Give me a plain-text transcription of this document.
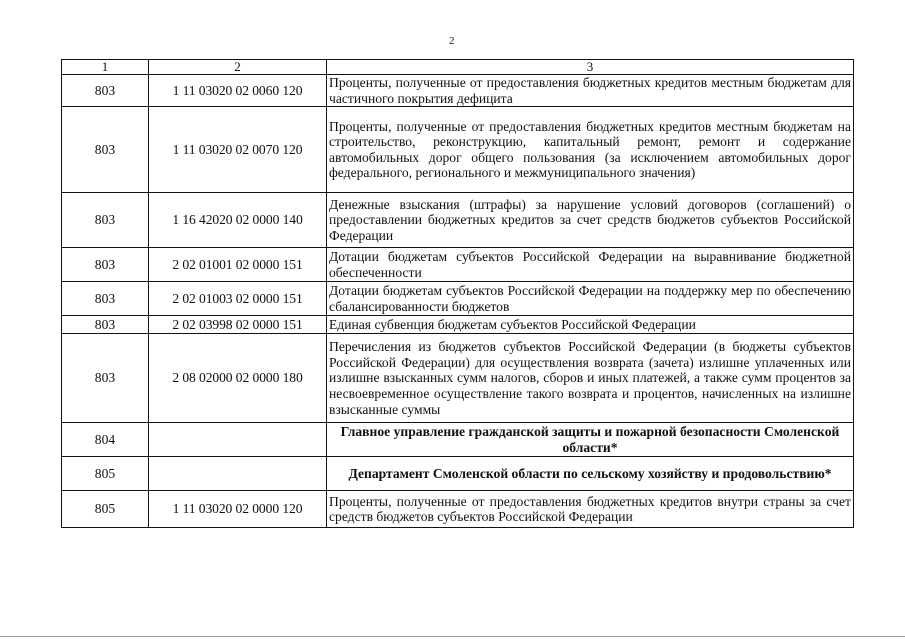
2
1	2	3
803	1 11 03020 02 0060 120	Проценты, полученные от предоставления бюджетных кредитов местным бюджетам для частичного покрытия дефицита
803	1 11 03020 02 0070 120	Проценты, полученные от предоставления бюджетных кредитов местным бюджетам на строительство, реконструкцию, капитальный ремонт, ремонт и содержание автомобильных дорог общего пользования (за исключением автомобильных дорог федерального, регионального и межмуниципального значения)
803	1 16 42020 02 0000 140	Денежные взыскания (штрафы) за нарушение условий договоров (соглашений) о предоставлении бюджетных кредитов за счет средств бюджетов субъектов Российской Федерации
803	2 02 01001 02 0000 151	Дотации бюджетам субъектов Российской Федерации на выравнивание бюджетной обеспеченности
803	2 02 01003 02 0000 151	Дотации бюджетам субъектов Российской Федерации на поддержку мер по обеспечению сбалансированности бюджетов
803	2 02 03998 02 0000 151	Единая субвенция бюджетам субъектов Российской Федерации
803	2 08 02000 02 0000 180	Перечисления из бюджетов субъектов Российской Федерации (в бюджеты субъектов Российской Федерации) для осуществления возврата (зачета) излишне уплаченных или излишне взысканных сумм налогов, сборов и иных платежей, а также сумм процентов за несвоевременное осуществление такого возврата и процентов, начисленных на излишне взысканные суммы
804		Главное управление гражданской защиты и пожарной безопасности Смоленской области*
805		Департамент Смоленской области по сельскому хозяйству и продовольствию*
805	1 11 03020 02 0000 120	Проценты, полученные от предоставления бюджетных кредитов внутри страны за счет средств бюджетов субъектов Российской Федерации
